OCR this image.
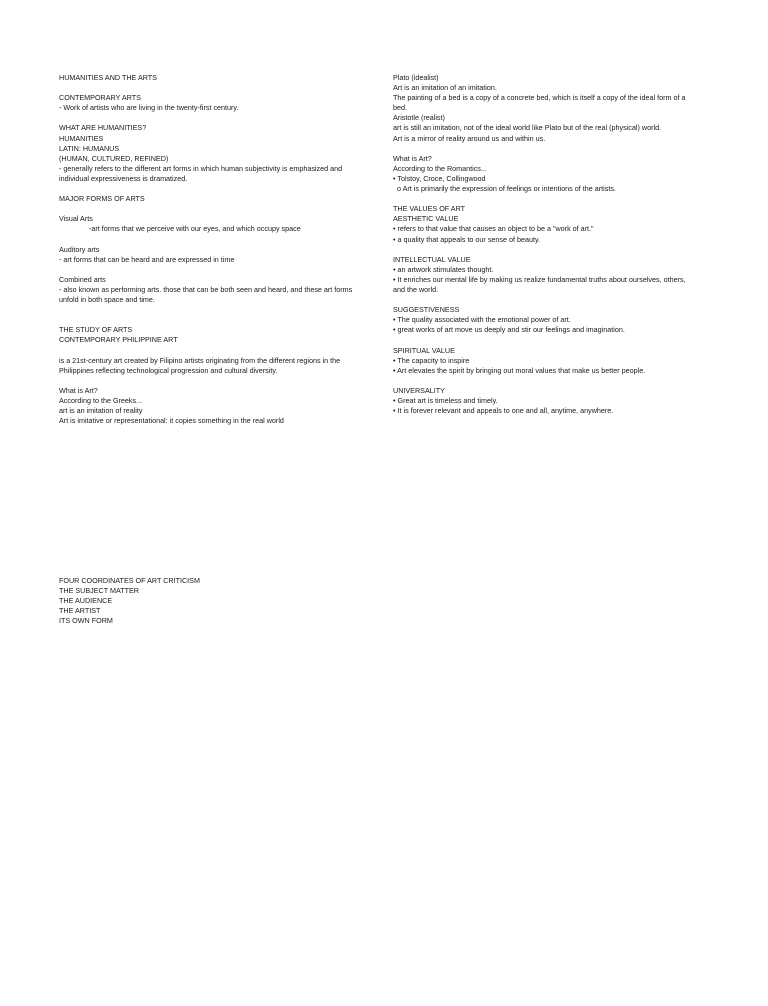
HUMANITIES AND THE ARTS
CONTEMPORARY ARTS
- Work of artists who are living in the twenty-first century.
WHAT ARE HUMANITIES?
HUMANITIES
LATIN: HUMANUS
(HUMAN, CULTURED, REFINED)
- generally refers to the different art forms in which human subjectivity is emphasized and
individual expressiveness is dramatized.
MAJOR FORMS OF ARTS
Visual Arts
-art forms that we perceive with our eyes, and which occupy space
Auditory arts
- art forms that can be heard and are expressed in time
Combined arts
- also known as performing arts. those that can be both seen and heard, and these art forms
unfold in both space and time.
THE STUDY OF ARTS
CONTEMPORARY PHILIPPINE ART
is a 21st-century art created by Filipino artists originating from the different regions in the
Philippines reflecting technological progression and cultural diversity.
What is Art?
According to the Greeks...
art is an imitation of reality
Art is imitative or representational: it copies something in the real world
Plato (idealist)
Art is an imitation of an imitation.
The painting of a bed is a copy of a concrete bed, which is itself a copy of the ideal form of a
bed.
Aristotle (realist)
art is still an imitation, not of the ideal world like Plato but of the real (physical) world.
Art is a mirror of reality around us and within us.
What is Art?
According to the Romantics...
• Tolstoy, Croce, Collingwood
o Art is primarily the expression of feelings or intentions of the artists.
THE VALUES OF ART
AESTHETIC VALUE
• refers to that value that causes an object to be a "work of art."
• a quality that appeals to our sense of beauty.
INTELLECTUAL VALUE
• an artwork stimulates thought.
• It enriches our mental life by making us realize fundamental truths about ourselves, others,
and the world.
SUGGESTIVENESS
• The quality associated with the emotional power of art.
• great works of art move us deeply and stir our feelings and imagination.
SPIRITUAL VALUE
• The capacity to inspire
• Art elevates the spirit by bringing out moral values that make us better people.
UNIVERSALITY
• Great art is timeless and timely.
• It is forever relevant and appeals to one and all, anytime, anywhere.
FOUR COORDINATES OF ART CRITICISM
THE SUBJECT MATTER
THE AUDIENCE
THE ARTIST
ITS OWN FORM
